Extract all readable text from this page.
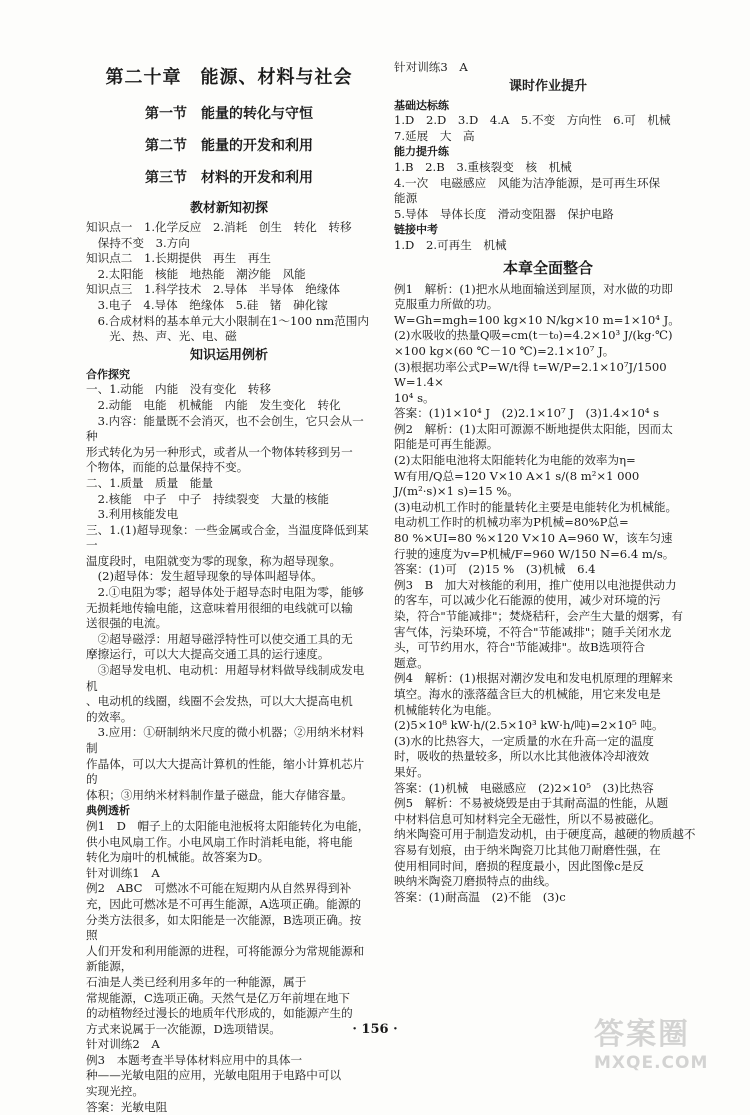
第二十章　能源、材料与社会
第一节　能量的转化与守恒
第二节　能量的开发和利用
第三节　材料的开发和利用
教材新知初探
知识点一　1.化学反应　2.消耗　创生　转化　转移
　保持不变　3.方向
知识点二　1.长期提供　再生　再生
　2.太阳能　核能　地热能　潮汐能　风能
知识点三　1.科学技术　2.导体　半导体　绝缘体
　3.电子　4.导体　绝缘体　5.硅　锗　砷化镓
　6.合成材料的基本单元大小限制在1～100 nm范围内
　　光、热、声、光、电、磁
知识运用例析
合作探究
一、1.动能　内能　没有变化　转移
　2.动能　电能　机械能　内能　发生变化　转化
　3.内容：能量既不会消灭，也不会创生，它只会从一种
形式转化为另一种形式，或者从一个物体转移到另一
个物体，而能的总量保持不变。
二、1.质量　质量　能量
　2.核能　中子　中子　持续裂变　大量的核能
　3.利用核能发电
三、1.(1)超导现象：一些金属或合金，当温度降低到某一
温度段时，电阻就变为零的现象，称为超导现象。
　(2)超导体：发生超导现象的导体叫超导体。
　2.①电阻为零；超导体处于超导态时电阻为零，能够
无损耗地传输电能，这意味着用很细的电线就可以输
送很强的电流。
　②超导磁浮：用超导磁浮特性可以使交通工具的无
摩擦运行，可以大大提高交通工具的运行速度。
　③超导发电机、电动机：用超导材料做导线制成发电机
、电动机的线圈，线圈不会发热，可以大大提高电机
的效率。
　3.应用：①研制纳米尺度的微小机器；②用纳米材料制
作晶体，可以大大提高计算机的性能，缩小计算机芯片的
体积；③用纳米材料制作量子磁盘，能大存储容量。
典例透析
例1　D　帽子上的太阳能电池板将太阳能转化为电能，
供小电风扇工作。小电风扇工作时消耗电能，将电能
转化为扇叶的机械能。故答案为D。
针对训练1　A
例2　ABC　可燃冰不可能在短期内从自然界得到补
充，因此可燃冰是不可再生能源，A选项正确。能源的
分类方法很多，如太阳能是一次能源，B选项正确。按照
人们开发和利用能源的进程，可将能源分为常规能源和新能源，
石油是人类已经利用多年的一种能源，属于
常规能源，C选项正确。天然气是亿万年前埋在地下
的动植物经过漫长的地质年代形成的，如能源产生的
方式来说属于一次能源，D选项错误。
针对训练2　A
例3　本题考查半导体材料应用中的具体一
种——光敏电阻的应用，光敏电阻用于电路中可以
实现光控。
答案：光敏电阻
针对训练3　A
课时作业提升
基础达标练
1.D　2.D　3.D　4.A　5.不变　方向性　6.可　机械
7.延展　大　高
能力提升练
1.B　2.B　3.重核裂变　核　机械
4.一次　电磁感应　风能为洁净能源，是可再生环保
能源
5.导体　导体长度　滑动变阻器　保护电路
链接中考
1.D　2.可再生　机械
本章全面整合
例1　解析：(1)把水从地面输送到屋顶，对水做的功即
克服重力所做的功。
W=Gh=mgh=100 kg×10 N/kg×10 m=1×10⁴ J。
(2)水吸收的热量Q吸=cm(t－t₀)=4.2×10³ J/(kg·℃)
×100 kg×(60 ℃－10 ℃)=2.1×10⁷ J。
(3)根据功率公式P=W/t得 t=W/P=2.1×10⁷J/1500 W=1.4×
10⁴ s。
答案：(1)1×10⁴ J　(2)2.1×10⁷ J　(3)1.4×10⁴ s
例2　解析：(1)太阳可源源不断地提供太阳能，因而太
阳能是可再生能源。
(2)太阳能电池将太阳能转化为电能的效率为η=
W有用/Q总=120 V×10 A×1 s/(8 m²×1 000 J/(m²·s)×1 s)=15 %。
(3)电动机工作时的能量转化主要是电能转化为机械能。
电动机工作时的机械功率为P机械=80%P总=
80 %×UI=80 %×120 V×10 A=960 W，该车匀速
行驶的速度为v=P机械/F=960 W/150 N=6.4 m/s。
答案：(1)可　(2)15 %　(3)机械　6.4
例3　B　加大对核能的利用，推广使用以电池提供动力
的客车，可以减少化石能源的使用，减少对环境的污
染，符合"节能减排"；焚烧秸秆，会产生大量的烟雾，有
害气体，污染环境，不符合"节能减排"；随手关闭水龙
头，可节约用水，符合"节能减排"。故B选项符合
题意。
例4　解析：(1)根据对潮汐发电和发电机原理的理解来
填空。海水的涨落蕴含巨大的机械能，用它来发电是
机械能转化为电能。
(2)5×10⁸ kW·h/(2.5×10³ kW·h/吨)=2×10⁵ 吨。
(3)水的比热容大，一定质量的水在升高一定的温度
时，吸收的热量较多，所以水比其他液体冷却液效
果好。
答案：(1)机械　电磁感应　(2)2×10⁵　(3)比热容
例5　解析：不易被烧毁是由于其耐高温的性能，从题
中材料信息可知材料完全无磁性，所以不易被磁化。
纳米陶瓷可用于制造发动机，由于硬度高，越硬的物质越不
容易有划痕，由于纳米陶瓷刀比其他刀耐磨性强，在
使用相同时间，磨损的程度最小，因此图像c是反
映纳米陶瓷刀磨损特点的曲线。
答案：(1)耐高温　(2)不能　(3)c
· 156 ·	答案圈
MXQE.COM
